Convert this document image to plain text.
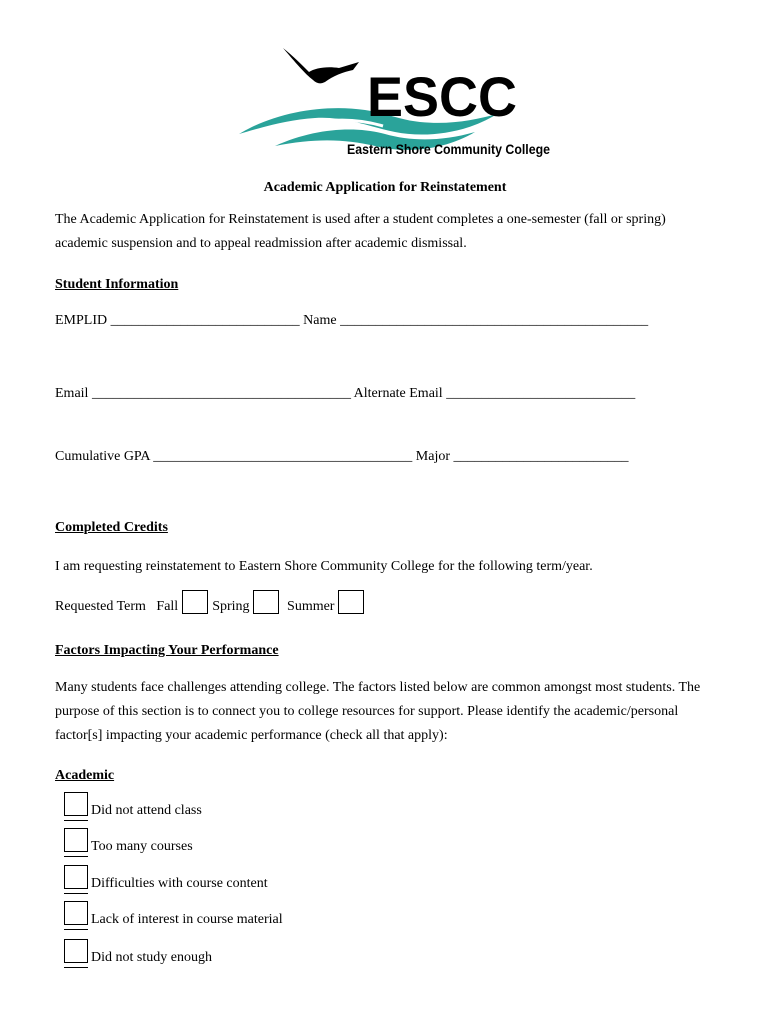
ESCC
Eastern Shore Community College
Academic Application for Reinstatement
The Academic Application for Reinstatement is used after a student completes a one-semester (fall or spring) academic suspension and to appeal readmission after academic dismissal.
Student Information
EMPLID ___________________________ Name ____________________________________________
Email _____________________________________ Alternate Email ___________________________
Cumulative GPA _____________________________________ Major _________________________
Completed Credits
I am requesting reinstatement to Eastern Shore Community College for the following term/year.
Requested Term Fall Spring	Summer
Factors Impacting Your Performance
Many students face challenges attending college. The factors listed below are common amongst most students. The purpose of this section is to connect you to college resources for support. Please identify the academic/personal factor[s] impacting your academic performance (check all that apply):
Academic
Did not attend class
Too many courses
Difficulties with course content
Lack of interest in course material
Did not study enough
